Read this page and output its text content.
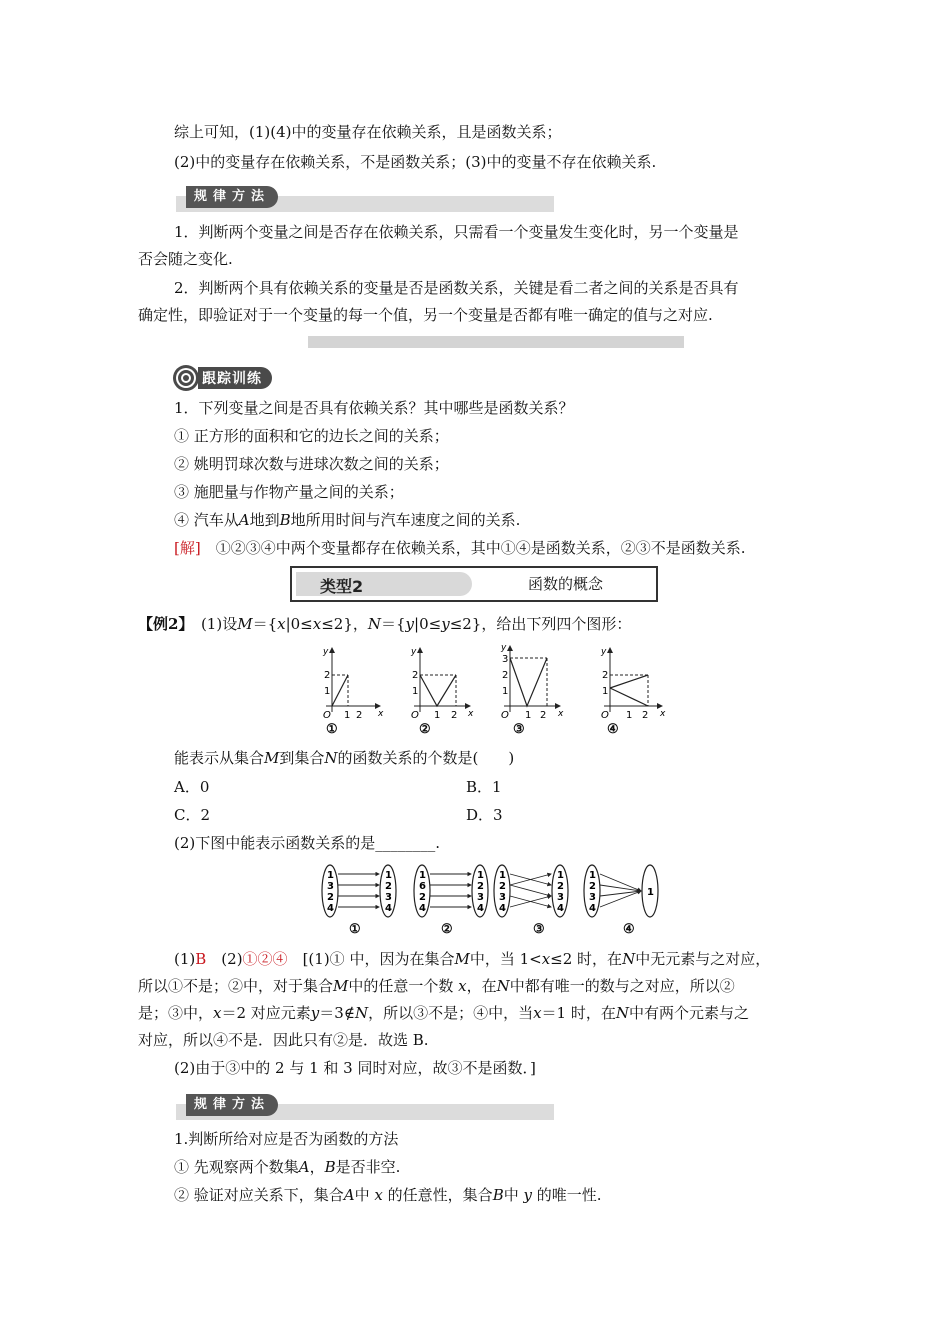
综上可知，(1)(4)中的变量存在依赖关系，且是函数关系；
(2)中的变量存在依赖关系，不是函数关系；(3)中的变量不存在依赖关系.
规律方法
1．判断两个变量之间是否存在依赖关系，只需看一个变量发生变化时，另一个变量是
否会随之变化.
2．判断两个具有依赖关系的变量是否是函数关系，关键是看二者之间的关系是否具有
确定性，即验证对于一个变量的每一个值，另一个变量是否都有唯一确定的值与之对应.
跟踪训练
1．下列变量之间是否具有依赖关系？其中哪些是函数关系？
① 正方形的面积和它的边长之间的关系；
② 姚明罚球次数与进球次数之间的关系；
③ 施肥量与作物产量之间的关系；
④ 汽车从A地到B地所用时间与汽车速度之间的关系.
[解]　 ①②③④中两个变量都存在依赖关系，其中①④是函数关系，②③不是函数关系.
类型2	函数的概念
【例2】　 (1)设M＝{x|0≤x≤2}，N＝{y|0≤y≤2}，给出下列四个图形：
y
x
O
2
1
1 2
y
x
O
2
1
1 2
y
x
O
3
2
1
1 2
y
x
O
2
1
1 2
①	②	③	④
能表示从集合M到集合N的函数关系的个数是(　　)
A．0	B．1
C．2	D．3
(2)下图中能表示函数关系的是________.
1
3
2
4
1
2
3
4
1
6
2
4
1
2
3
4
1
2
3
4
1
2
3
4
1
2
3
4
1
①	②	③	④
(1)B　 (2)①②④　 [(1)① 中，因为在集合M中，当 1<x≤2 时，在N中无元素与之对应，
所以①不是；②中，对于集合M中的任意一个数 x，在N中都有唯一的数与之对应，所以②
是；③中，x＝2 对应元素y＝3∉N，所以③不是；④中，当x＝1 时，在N中有两个元素与之
对应，所以④不是．因此只有②是．故选 B.
(2)由于③中的 2 与 1 和 3 同时对应，故③不是函数．]
规律方法
1.判断所给对应是否为函数的方法
① 先观察两个数集A，B是否非空.
② 验证对应关系下，集合A中 x 的任意性，集合B中 y 的唯一性.
